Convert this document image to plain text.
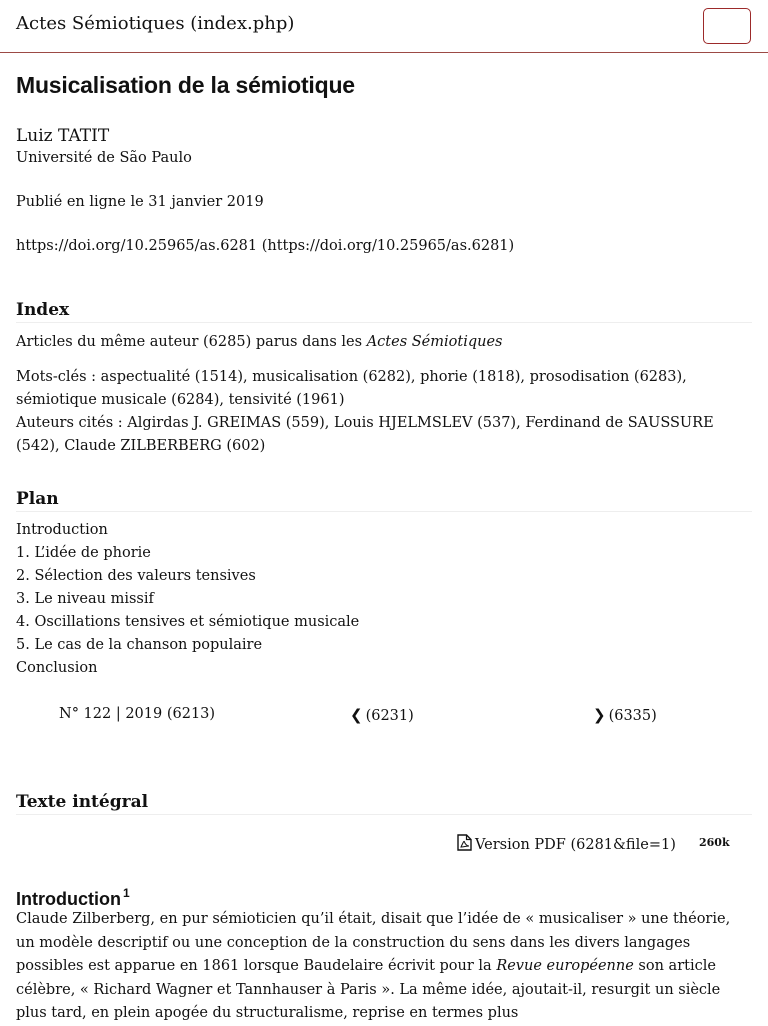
Actes Sémiotiques (index.php)
Musicalisation de la sémiotique
Luiz TATIT
Université de São Paulo
Publié en ligne le 31 janvier 2019
https://doi.org/10.25965/as.6281 (https://doi.org/10.25965/as.6281)
Index
Articles du même auteur (6285) parus dans les Actes Sémiotiques
Mots-clés : aspectualité (1514), musicalisation (6282), phorie (1818), prosodisation (6283), sémiotique musicale (6284), tensivité (1961)
Auteurs cités : Algirdas J. GREIMAS (559), Louis HJELMSLEV (537), Ferdinand de SAUSSURE (542), Claude ZILBERBERG (602)
Plan
Introduction
1. L’idée de phorie
2. Sélection des valeurs tensives
3. Le niveau missif
4. Oscillations tensives et sémiotique musicale
5. Le cas de la chanson populaire
Conclusion
N° 122 | 2019 (6213)	❮ (6231)	❯ (6335)
Texte intégral
Version PDF (6281&file=1) 260k
Introduction $^1$

Claude Zilberberg, en pur sémioticien qu’il était, disait que l’idée de « musicaliser » une théorie, un modèle descriptif ou une conception de la construction du sens dans les divers langages possibles est apparue en 1861 lorsque Baudelaire écrivit pour la Revue européenne son article célèbre, « Richard Wagner et Tannhauser à Paris ». La même idée, ajoutait-il, resurgit un siècle plus tard, en plein apogée du structuralisme, reprise en termes plus
